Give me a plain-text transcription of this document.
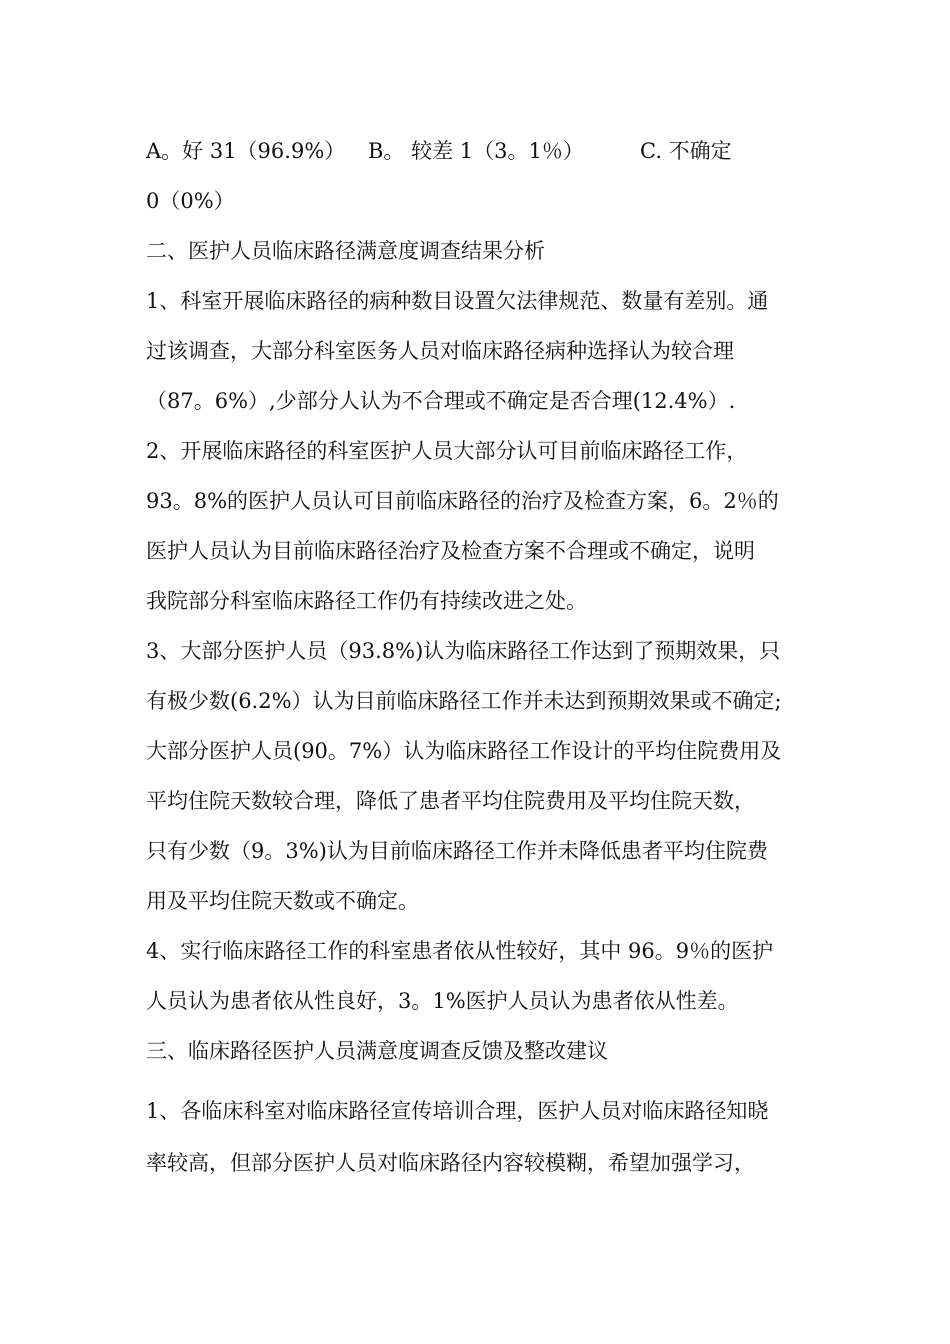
A。好 31（96.9%） B。 较差 1（3。1％）	C. 不确定
0（0%）
二、医护人员临床路径满意度调查结果分析
1、科室开展临床路径的病种数目设置欠法律规范、数量有差别。通
过该调查，大部分科室医务人员对临床路径病种选择认为较合理
（87。6%）,少部分人认为不合理或不确定是否合理(12.4%）.
2、开展临床路径的科室医护人员大部分认可目前临床路径工作，
93。8%的医护人员认可目前临床路径的治疗及检查方案，6。2％的
医护人员认为目前临床路径治疗及检查方案不合理或不确定，说明
我院部分科室临床路径工作仍有持续改进之处。
3、大部分医护人员（93.8%)认为临床路径工作达到了预期效果，只
有极少数(6.2%）认为目前临床路径工作并未达到预期效果或不确定;
大部分医护人员(90。7%）认为临床路径工作设计的平均住院费用及
平均住院天数较合理，降低了患者平均住院费用及平均住院天数，
只有少数（9。3%)认为目前临床路径工作并未降低患者平均住院费
用及平均住院天数或不确定。
4、实行临床路径工作的科室患者依从性较好，其中 96。9％的医护
人员认为患者依从性良好，3。1%医护人员认为患者依从性差。
三、临床路径医护人员满意度调查反馈及整改建议
1、各临床科室对临床路径宣传培训合理，医护人员对临床路径知晓
率较高，但部分医护人员对临床路径内容较模糊，希望加强学习，
